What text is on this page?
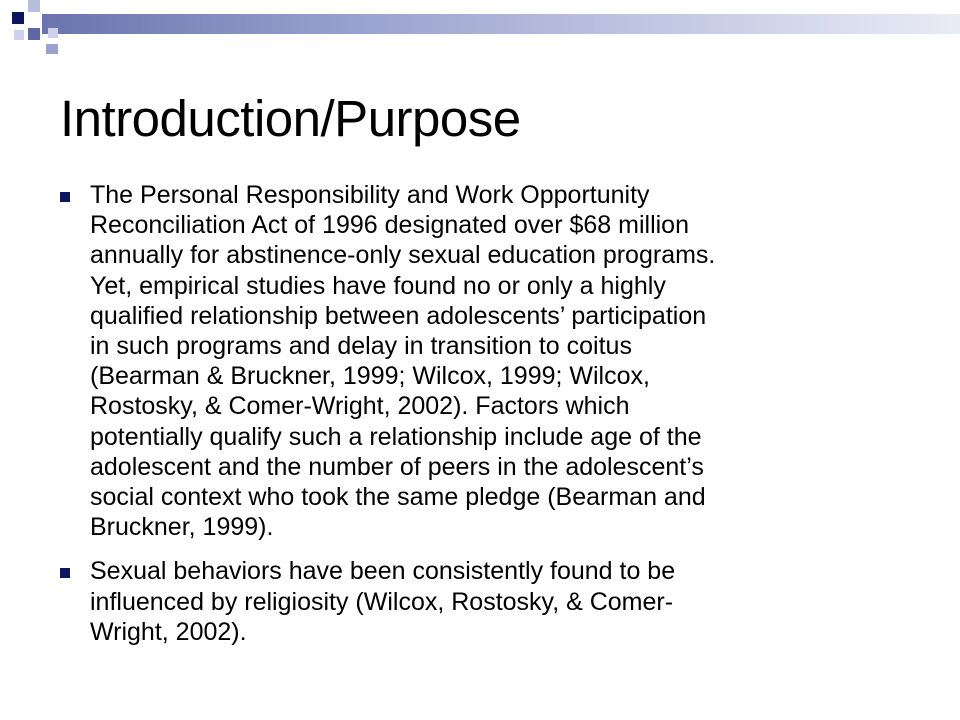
Introduction/Purpose
The Personal Responsibility and Work Opportunity
Reconciliation Act of 1996 designated over $68 million
annually for abstinence-only sexual education programs.
Yet, empirical studies have found no or only a highly
qualified relationship between adolescents’ participation
in such programs and delay in transition to coitus
(Bearman & Bruckner, 1999; Wilcox, 1999; Wilcox,
Rostosky, & Comer-Wright, 2002). Factors which
potentially qualify such a relationship include age of the
adolescent and the number of peers in the adolescent’s
social context who took the same pledge (Bearman and
Bruckner, 1999).
Sexual behaviors have been consistently found to be
influenced by religiosity (Wilcox, Rostosky, & Comer-
Wright, 2002).
